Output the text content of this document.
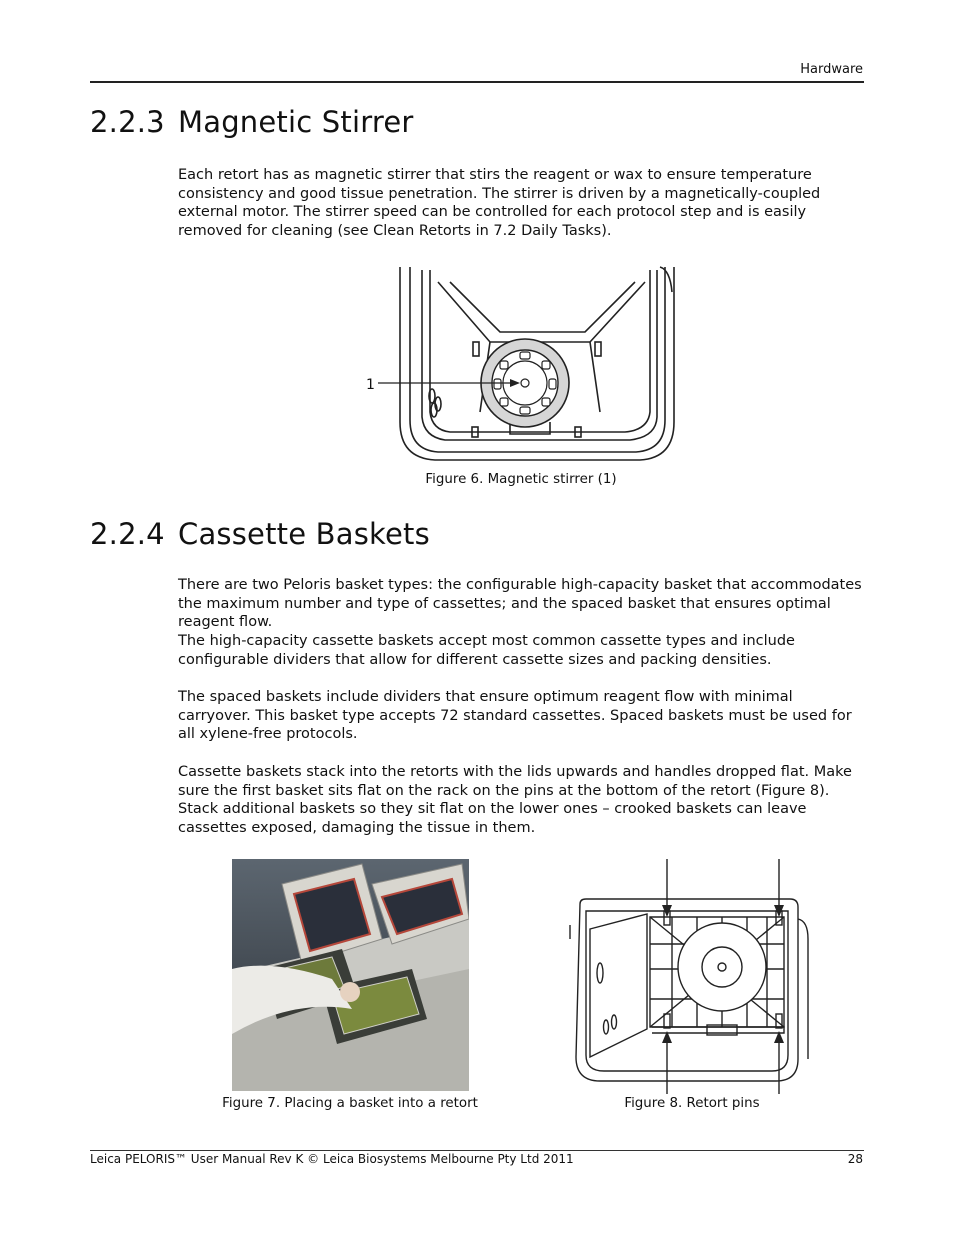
Hardware
2.2.3 Magnetic Stirrer

Each retort has as magnetic stirrer that stirs the reagent or wax to ensure temperature consistency and good tissue penetration. The stirrer is driven by a magnetically-coupled external motor. The stirrer speed can be controlled for each protocol step and is easily removed for cleaning (see Clean Retorts in 7.2 Daily Tasks).

1
Figure 6. Magnetic stirrer (1)
2.2.4 Cassette Baskets

There are two Peloris basket types: the configurable high-capacity basket that accommodates the maximum number and type of cassettes; and the spaced basket that ensures optimal reagent flow.

The high-capacity cassette baskets accept most common cassette types and include configurable dividers that allow for different cassette sizes and packing densities.

The spaced baskets include dividers that ensure optimum reagent flow with minimal carryover. This basket type accepts 72 standard cassettes. Spaced baskets must be used for all xylene-free protocols.

Cassette baskets stack into the retorts with the lids upwards and handles dropped flat. Make sure the first basket sits flat on the rack on the pins at the bottom of the retort (Figure 8). Stack additional baskets so they sit flat on the lower ones – crooked baskets can leave cassettes exposed, damaging the tissue in them.

Figure 7. Placing a basket into a retort	Figure 8. Retort pins
Leica PELORIS™ User Manual Rev K © Leica Biosystems Melbourne Pty Ltd 2011	28
